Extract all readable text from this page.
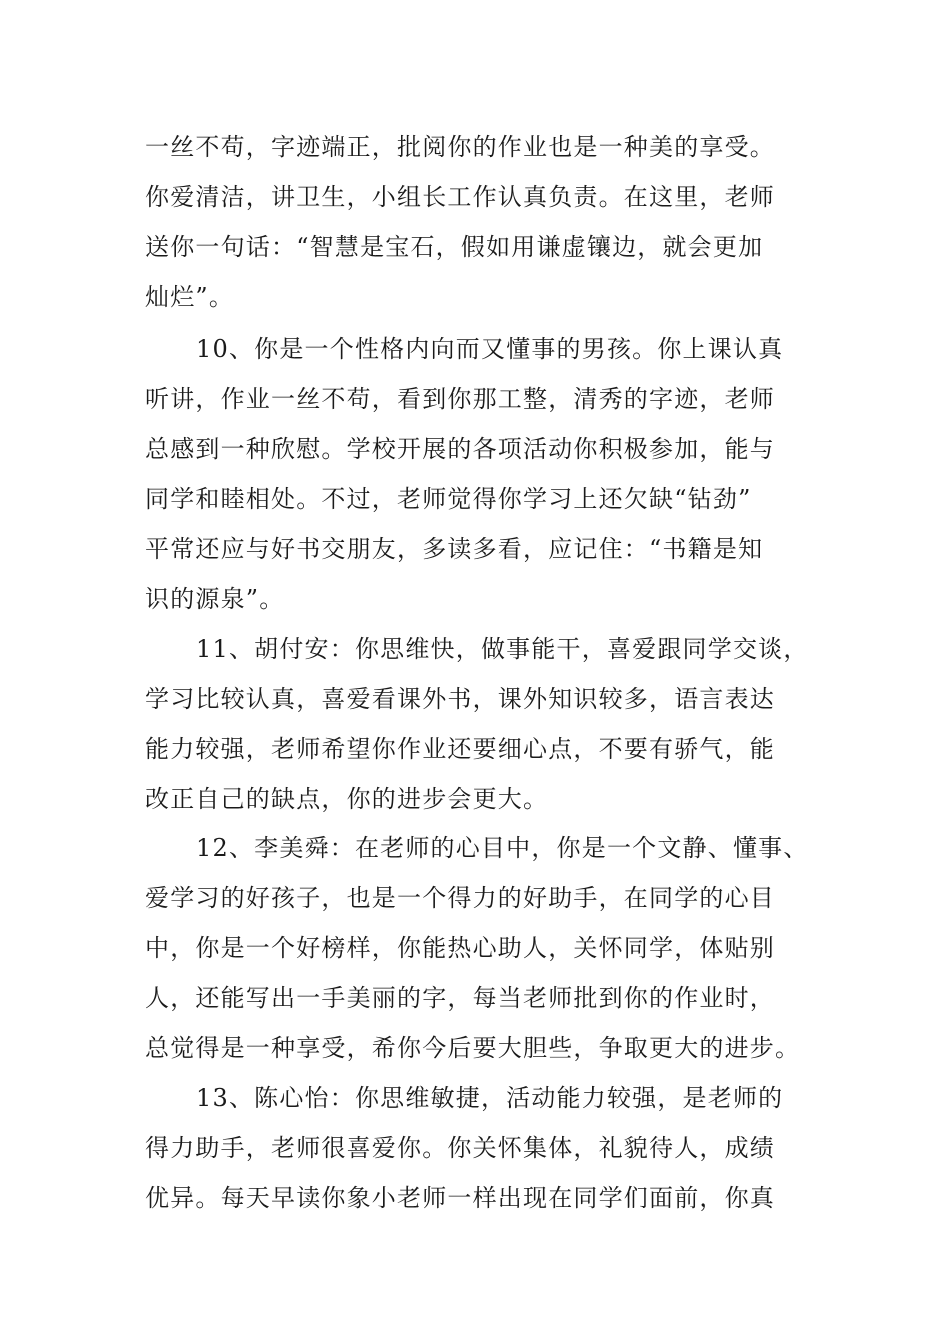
一丝不苟，字迹端正，批阅你的作业也是一种美的享受。
你爱清洁，讲卫生，小组长工作认真负责。在这里，老师
送你一句话：“智慧是宝石，假如用谦虚镶边，就会更加
灿烂”。
10、你是一个性格内向而又懂事的男孩。你上课认真
听讲，作业一丝不苟，看到你那工整，清秀的字迹，老师
总感到一种欣慰。学校开展的各项活动你积极参加，能与
同学和睦相处。不过，老师觉得你学习上还欠缺“钻劲”
平常还应与好书交朋友，多读多看，应记住：“书籍是知
识的源泉”。
11、胡付安：你思维快，做事能干，喜爱跟同学交谈，
学习比较认真，喜爱看课外书，课外知识较多，语言表达
能力较强，老师希望你作业还要细心点，不要有骄气，能
改正自己的缺点，你的进步会更大。
12、李美舜：在老师的心目中，你是一个文静、懂事、
爱学习的好孩子，也是一个得力的好助手，在同学的心目
中，你是一个好榜样，你能热心助人，关怀同学，体贴别
人，还能写出一手美丽的字，每当老师批到你的作业时，
总觉得是一种享受，希你今后要大胆些，争取更大的进步。
13、陈心怡：你思维敏捷，活动能力较强，是老师的
得力助手，老师很喜爱你。你关怀集体，礼貌待人，成绩
优异。每天早读你象小老师一样出现在同学们面前，你真
